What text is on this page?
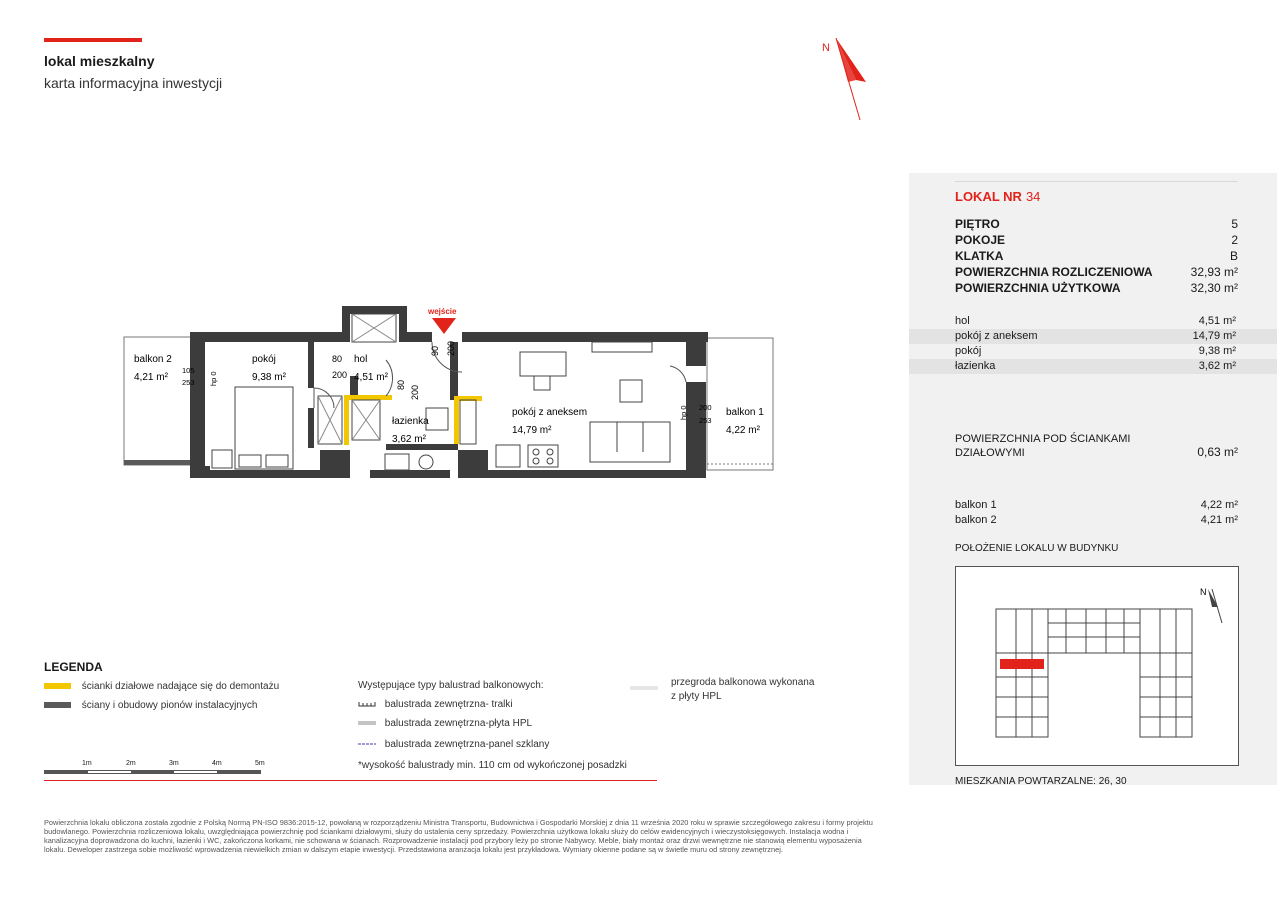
lokal mieszkalny
karta informacyjna inwestycji
N
wejście
balkon 2
4,21 m²
pokój
9,38 m²
hol
4,51 m²
łazienka
3,62 m²
pokój z aneksem
14,79 m²
balkon 1
4,22 m²
105
253 hp 0
80
200
80 200
90 200
hp 0 200
253
LOKAL NR 34
PIĘTRO	5
POKOJE	2
KLATKA	B
POWIERZCHNIA ROZLICZENIOWA	32,93 m²
POWIERZCHNIA UŻYTKOWA	32,30 m²
hol	4,51 m²
pokój z aneksem	14,79 m²
pokój	9,38 m²
łazienka	3,62 m²
POWIERZCHNIA POD ŚCIANKAMI
DZIAŁOWYMI	0,63 m²
balkon 1	4,22 m²
balkon 2	4,21 m²
POŁOŻENIE LOKALU W BUDYNKU
N
MIESZKANIA POWTARZALNE: 26, 30
LEGENDA
ścianki działowe nadające się do demontażu
ściany i obudowy pionów instalacyjnych
Występujące typy balustrad balkonowych:
balustrada zewnętrzna- tralki
balustrada zewnętrzna-płyta HPL
balustrada zewnętrzna-panel szklany
*wysokość balustrady min. 110 cm od wykończonej posadzki
przegroda balkonowa wykonana
z płyty HPL
1m	2m	3m	4m	5m
Powierzchnia lokalu obliczona została zgodnie z Polską Normą PN-ISO 9836:2015-12, powołaną w rozporządzeniu Ministra Transportu, Budownictwa i Gospodarki Morskiej z dnia 11 września 2020 roku w sprawie szczegółowego zakresu i formy projektu budowlanego. Powierzchnia rozliczeniowa lokalu, uwzględniająca powierzchnię pod ściankami działowymi, służy do ustalenia ceny sprzedaży. Powierzchnia użytkowa lokalu służy do celów ewidencyjnych i wieczystoksięgowych. Instalacja wodna i kanalizacyjna doprowadzona do kuchni, łazienki i WC, zakończona korkami, nie schowana w ścianach. Rozprowadzenie instalacji pod przybory leży po stronie Nabywcy. Meble, biały montaż oraz drzwi wewnętrzne nie stanowią elementu wyposażenia lokalu. Deweloper zastrzega sobie możliwość wprowadzenia niewielkich zmian w dalszym etapie inwestycji. Przedstawiona aranżacja lokalu jest przykładowa. Wymiary okienne podane są w świetle muru od strony zewnętrznej.
